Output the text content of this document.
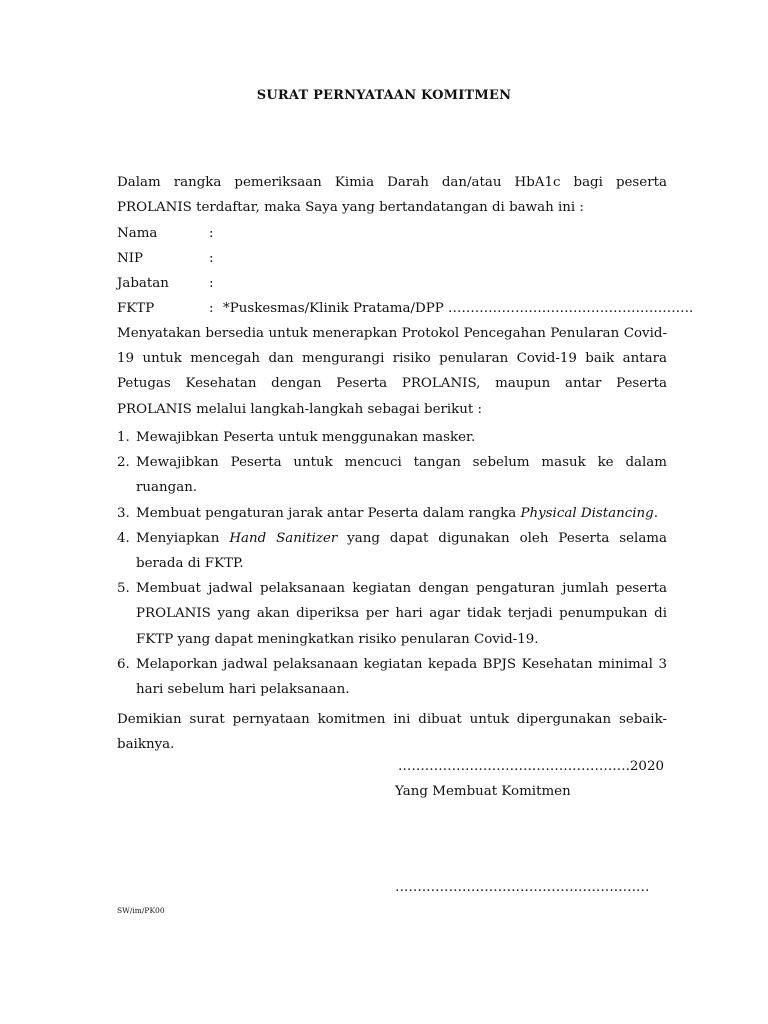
SURAT PERNYATAAN KOMITMEN
Dalam rangka pemeriksaan Kimia Darah dan/atau HbA1c bagi peserta PROLANIS terdaftar, maka Saya yang bertandatangan di bawah ini :
Nama	:
NIP	:
Jabatan	:
FKTP	: *Puskesmas/Klinik Pratama/DPP ……………………………………………….
Menyatakan bersedia untuk menerapkan Protokol Pencegahan Penularan Covid-19 untuk mencegah dan mengurangi risiko penularan Covid-19 baik antara Petugas Kesehatan dengan Peserta PROLANIS, maupun antar Peserta PROLANIS melalui langkah-langkah sebagai berikut :
1. Mewajibkan Peserta untuk menggunakan masker.
2. Mewajibkan Peserta untuk mencuci tangan sebelum masuk ke dalam ruangan.
3. Membuat pengaturan jarak antar Peserta dalam rangka Physical Distancing.
4. Menyiapkan Hand Sanitizer yang dapat digunakan oleh Peserta selama berada di FKTP.
5. Membuat jadwal pelaksanaan kegiatan dengan pengaturan jumlah peserta PROLANIS yang akan diperiksa per hari agar tidak terjadi penumpukan di FKTP yang dapat meningkatkan risiko penularan Covid-19.
6. Melaporkan jadwal pelaksanaan kegiatan kepada BPJS Kesehatan minimal 3 hari sebelum hari pelaksanaan.
Demikian surat pernyataan komitmen ini dibuat untuk dipergunakan sebaik-baiknya.
…………………………………………….2020
Yang Membuat Komitmen
…………………………………………………
SW/im/PK00
